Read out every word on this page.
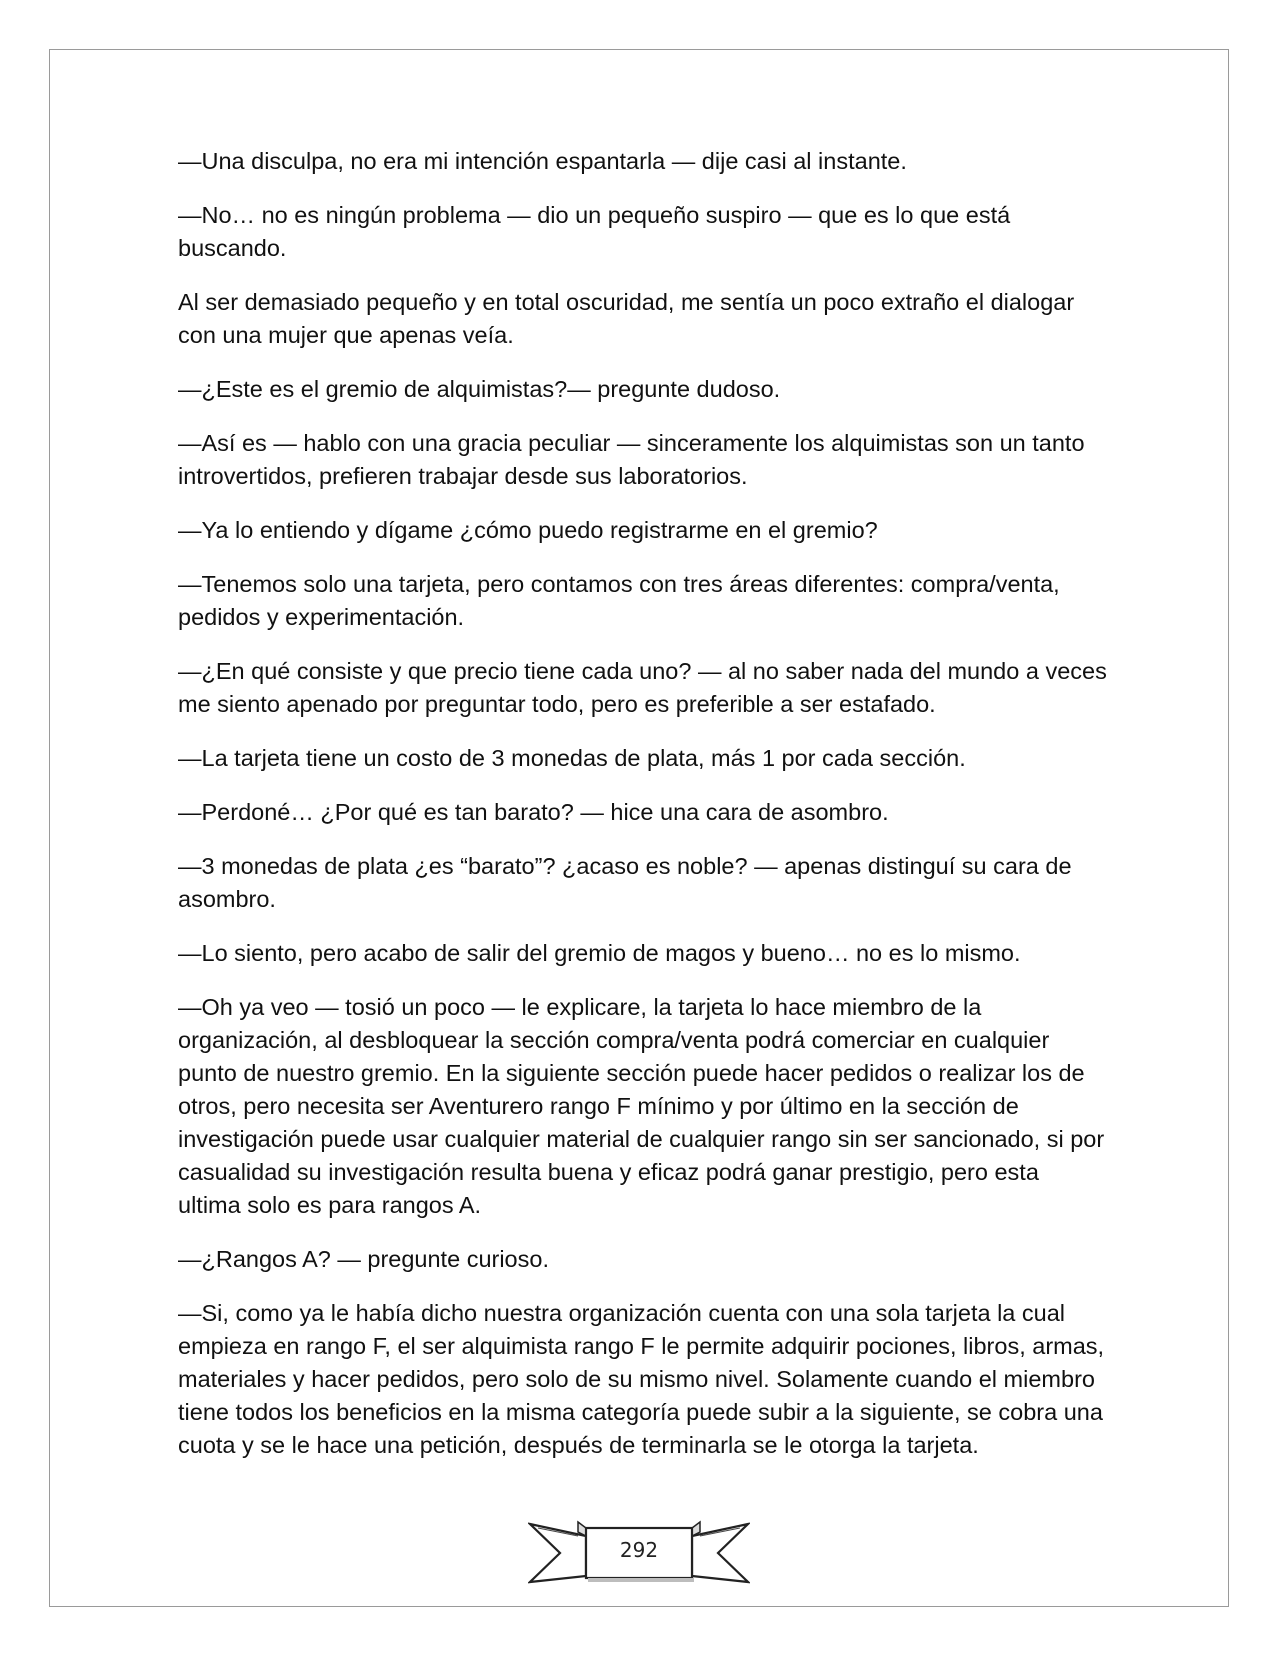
—Una disculpa, no era mi intención espantarla — dije casi al instante.

—No… no es ningún problema — dio un pequeño suspiro — que es lo que está buscando.

Al ser demasiado pequeño y en total oscuridad, me sentía un poco extraño el dialogar con una mujer que apenas veía.

—¿Este es el gremio de alquimistas?— pregunte dudoso.

—Así es — hablo con una gracia peculiar — sinceramente los alquimistas son un tanto introvertidos, prefieren trabajar desde sus laboratorios.

—Ya lo entiendo y dígame ¿cómo puedo registrarme en el gremio?

—Tenemos solo una tarjeta, pero contamos con tres áreas diferentes: compra/venta, pedidos y experimentación.

—¿En qué consiste y que precio tiene cada uno? — al no saber nada del mundo a veces me siento apenado por preguntar todo, pero es preferible a ser estafado.

—La tarjeta tiene un costo de 3 monedas de plata, más 1 por cada sección.

—Perdoné… ¿Por qué es tan barato? — hice una cara de asombro.

—3 monedas de plata ¿es “barato”? ¿acaso es noble? — apenas distinguí su cara de asombro.

—Lo siento, pero acabo de salir del gremio de magos y bueno… no es lo mismo.

—Oh ya veo — tosió un poco — le explicare, la tarjeta lo hace miembro de la organización, al desbloquear la sección compra/venta podrá comerciar en cualquier punto de nuestro gremio. En la siguiente sección puede hacer pedidos o realizar los de otros, pero necesita ser Aventurero rango F mínimo y por último en la sección de investigación puede usar cualquier material de cualquier rango sin ser sancionado, si por casualidad su investigación resulta buena y eficaz podrá ganar prestigio, pero esta ultima solo es para rangos A.

—¿Rangos A? — pregunte curioso.

—Si, como ya le había dicho nuestra organización cuenta con una sola tarjeta la cual empieza en rango F, el ser alquimista rango F le permite adquirir pociones, libros, armas, materiales y hacer pedidos, pero solo de su mismo nivel. Solamente cuando el miembro tiene todos los beneficios en la misma categoría puede subir a la siguiente, se cobra una cuota y se le hace una petición, después de terminarla se le otorga la tarjeta.

292
